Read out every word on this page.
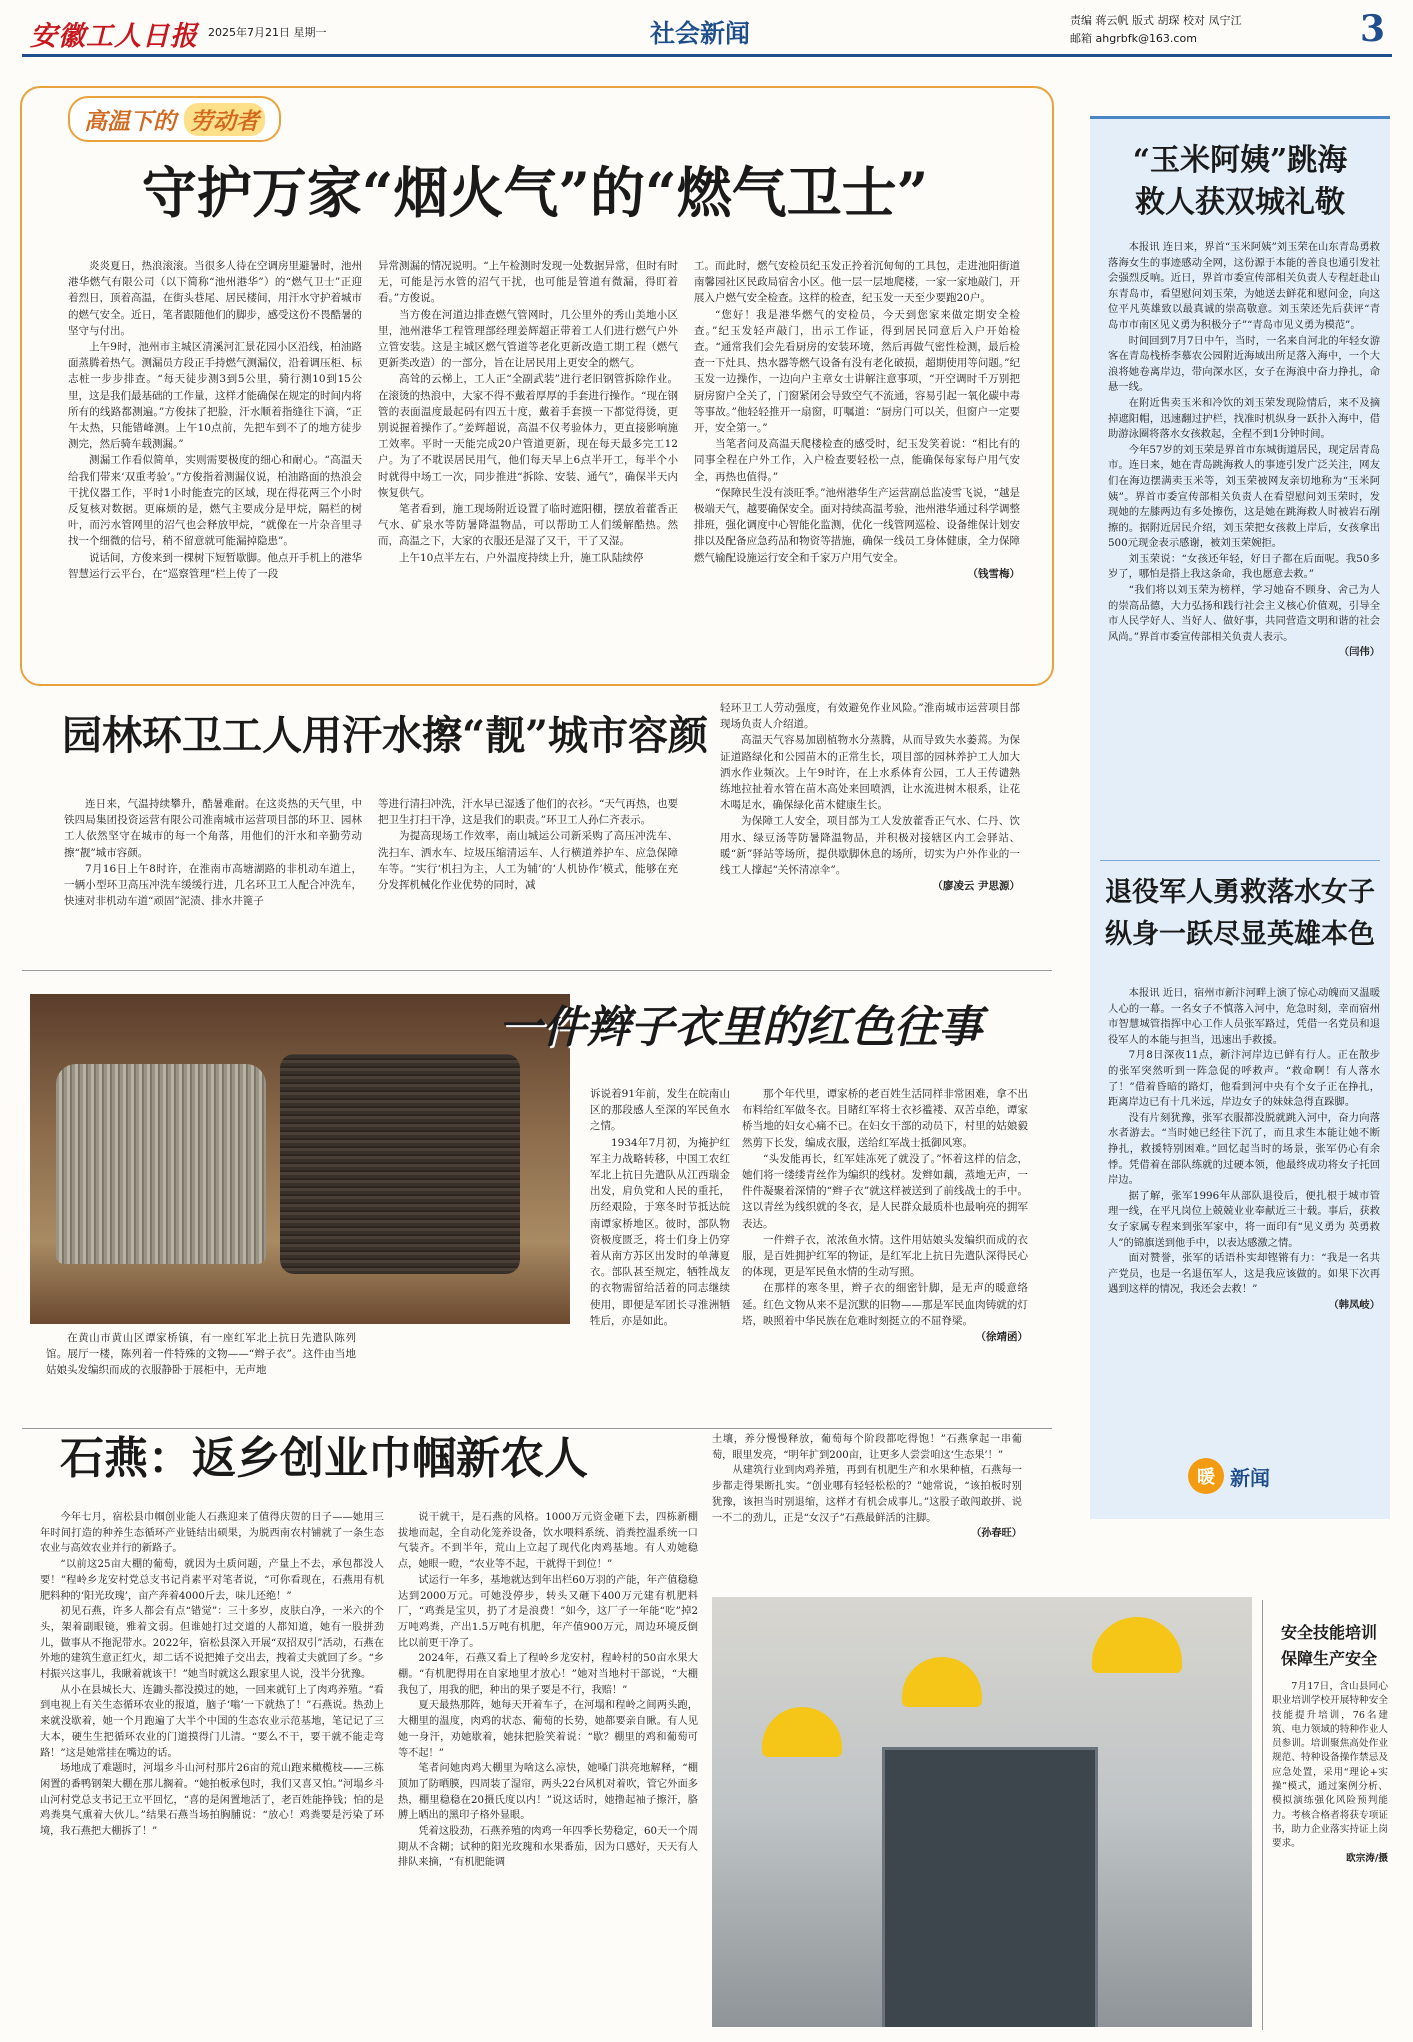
安徽工人日报 2025年7月21日 星期一	社会新闻	责编 蒋云帆 版式 胡琛 校对 凤宁江
邮箱 ahgrbfk@163.com	3
高温下的 劳动者
守护万家“烟火气”的“燃气卫士”

炎炎夏日，热浪滚滚。当很多人待在空调房里避暑时，池州港华燃气有限公司（以下简称“池州港华”）的“燃气卫士”正迎着烈日，顶着高温，在街头巷尾、居民楼间，用汗水守护着城市的燃气安全。近日，笔者跟随他们的脚步，感受这份不畏酷暑的坚守与付出。

上午9时，池州市主城区清溪河汇景花园小区沿线，柏油路面蒸腾着热气。测漏员方段正手持燃气测漏仪，沿着调压柜、标志桩一步步排查。“每天徒步测3到5公里，骑行测10到15公里，这是我们最基础的工作量，这样才能确保在规定的时间内将所有的线路都测遍。”方俊抹了把脸，汗水顺着指缝往下滴，“正午太热，只能错峰测。上午10点前，先把车到不了的地方徒步测完，然后骑车载测漏。”

测漏工作看似简单，实则需要极度的细心和耐心。“高温天给我们带来‘双重考验’。”方俊指着测漏仪说，柏油路面的热浪会干扰仪器工作，平时1小时能查完的区域，现在得花两三个小时反复核对数据。更麻烦的是，燃气主要成分是甲烷，隔栏的树叶，而污水管网里的沼气也会释放甲烷，“就像在一片杂音里寻找一个细微的信号，稍不留意就可能漏掉隐患”。

说话间，方俊来到一棵树下短暂歇脚。他点开手机上的港华智慧运行云平台，在“巡察管理”栏上传了一段

异常测漏的情况说明。“上午检测时发现一处数据异常，但时有时无，可能是污水管的沼气干扰，也可能是管道有微漏，得盯着看。”方俊说。

当方俊在河道边排查燃气管网时，几公里外的秀山美地小区里，池州港华工程管理部经理姜辉超正带着工人们进行燃气户外立管安装。这是主城区燃气管道等老化更新改造工期工程（燃气更新类改造）的一部分，旨在让居民用上更安全的燃气。

高耸的云梯上，工人正“全副武装”进行老旧钢管拆除作业。在滚烫的热浪中，大家不得不戴着厚厚的手套进行操作。“现在钢管的表面温度最起码有四五十度，戴着手套摸一下都觉得烫，更别说握着操作了。”姜辉超说，高温不仅考验体力，更直接影响施工效率。平时一天能完成20户管道更新，现在每天最多完工12户。为了不耽误居民用气，他们每天早上6点半开工，每半个小时就得中场工一次，同步推进“拆除、安装、通气”，确保半天内恢复供气。

笔者看到，施工现场附近设置了临时遮阳棚，摆放着藿香正气水、矿泉水等防暑降温物品，可以帮助工人们缓解酷热。然而，高温之下，大家的衣服还是湿了又干，干了又湿。

上午10点半左右，户外温度持续上升，施工队陆续停

工。而此时，燃气安检员纪玉发正拎着沉甸甸的工具包，走进池阳街道南馨园社区民政局宿舍小区。他一层一层地爬楼，一家一家地敲门，开展入户燃气安全检查。这样的检查，纪玉发一天至少要跑20户。

“您好！我是港华燃气的安检员，今天到您家来做定期安全检查。”纪玉发轻声敲门，出示工作证，得到居民同意后入户开始检查。“通常我们会先看厨房的安装环境，然后再做气密性检测，最后检查一下灶具、热水器等燃气设备有没有老化破损，超期使用等问题。”纪玉发一边操作，一边向户主章女士讲解注意事项，“开空调时千万别把厨房窗户全关了，门窗紧闭会导致空气不流通，容易引起一氧化碳中毒等事故。”他轻轻推开一扇窗，叮嘱道：“厨房门可以关，但窗户一定要开，安全第一。”

当笔者问及高温天爬楼检查的感受时，纪玉发笑着说：“相比有的同事全程在户外工作，入户检查要轻松一点，能确保每家每户用气安全，再热也值得。”

“保障民生没有淡旺季。”池州港华生产运营副总监凌雪飞说，“越是极端天气，越要确保安全。面对持续高温考验，池州港华通过科学调整排班，强化调度中心智能化监测，优化一线管网巡检、设备维保计划安排以及配备应急药品和物资等措施，确保一线员工身体健康，全力保障燃气输配设施运行安全和千家万户用气安全。

（钱雪梅）
园林环卫工人用汗水擦“靓”城市容颜

连日来，气温持续攀升，酷暑难耐。在这炎热的天气里，中铁四局集团投资运营有限公司淮南城市运营项目部的环卫、园林工人依然坚守在城市的每一个角落，用他们的汗水和辛勤劳动擦“靓”城市容颜。

7月16日上午8时许，在淮南市高塘湖路的非机动车道上，一辆小型环卫高压冲洗车缓缓行进，几名环卫工人配合冲洗车，快速对非机动车道“顽固”泥渍、排水井篦子

等进行清扫冲洗，汗水早已湿透了他们的衣衫。“天气再热，也要把卫生打扫干净，这是我们的职责。”环卫工人孙仁齐表示。

为提高现场工作效率，南山城运公司新采购了高压冲洗车、洗扫车、洒水车、垃圾压缩清运车、人行横道养护车、应急保障车等。“实行‘机扫为主，人工为辅’的‘人机协作’模式，能够在充分发挥机械化作业优势的同时，减

轻环卫工人劳动强度，有效避免作业风险。”淮南城市运营项目部现场负责人介绍道。

高温天气容易加剧植物水分蒸腾，从而导致失水萎蔫。为保证道路绿化和公园苗木的正常生长，项目部的园林养护工人加大洒水作业频次。上午9时许，在上水系体育公园，工人王传谴熟练地拉扯着水管在苗木高处来回喷洒，让水流进树木根系，让花木喝足水，确保绿化苗木健康生长。

为保障工人安全，项目部为工人发放藿香正气水、仁丹、饮用水、绿豆汤等防暑降温物品，并积极对接辖区内工会驿站、暖“新”驿站等场所，提供歇脚休息的场所，切实为户外作业的一线工人撑起“关怀清凉伞”。

（廖凌云 尹思源）
一件辫子衣里的红色往事
在黄山市黄山区谭家桥镇，有一座红军北上抗日先遣队陈列馆。展厅一楼，陈列着一件特殊的文物——“辫子衣”。这件由当地姑娘头发编织而成的衣服静卧于展柜中，无声地

诉说着91年前，发生在皖南山区的那段感人至深的军民鱼水之情。

1934年7月初，为掩护红军主力战略转移，中国工农红军北上抗日先遣队从江西瑞金出发，肩负党和人民的重托，历经艰险，于寒冬时节抵达皖南谭家桥地区。彼时，部队物资极度匮乏，将士们身上仍穿着从南方苏区出发时的单薄夏衣。部队甚至规定，牺牲战友的衣物需留给活着的同志继续使用，即便是军团长寻淮洲牺牲后，亦是如此。

那个年代里，谭家桥的老百姓生活同样非常困难，拿不出布料给红军做冬衣。目睹红军将士衣衫褴褛、双苦卓绝，谭家桥当地的妇女心痛不已。在妇女干部的动员下，村里的姑娘毅然剪下长发，编成衣服，送给红军战士抵御风寒。

“头发能再长，红军娃冻死了就没了。”怀着这样的信念，她们将一缕缕青丝作为编织的线材。发辫如藕，蒸地无声，一件件凝聚着深情的“辫子衣”就这样被送到了前线战士的手中。这以青丝为线织就的冬衣，是人民群众最质朴也最响亮的拥军表达。

一件辫子衣，浓浓鱼水情。这件用姑娘头发编织而成的衣服，是百姓拥护红军的物证，是红军北上抗日先遣队深得民心的体现，更是军民鱼水情的生动写照。

在那样的寒冬里，辫子衣的细密针脚，是无声的暖意络延。红色文物从来不是沉默的旧物——那是军民血肉铸就的灯塔，映照着中华民族在危难时刻挺立的不屈脊梁。

（徐靖函）
石燕：返乡创业巾帼新农人

今年七月，宿松县巾帼创业能人石燕迎来了值得庆贺的日子——她用三年时间打造的种养生态循环产业链结出硕果，为脱西南农村铺就了一条生态农业与高效农业并行的新路子。

“以前这25亩大棚的葡萄，就因为土质问题，产量上不去，承包都没人要！”程岭乡龙安村党总支书记肖素平对笔者说，“可你看现在，石燕用有机肥料种的‘阳光玫瑰’，亩产奔着4000斤去，味儿还绝！”

初见石燕，许多人都会有点“错觉”：三十多岁，皮肤白净，一米六的个头，架着副眼镜，雅着文弱。但谁她打过交道的人都知道，她有一股拼劲儿，做事从不拖泥带水。2022年，宿松县深入开展“双招双引”活动，石燕在外地的建筑生意正红火，却二话不说把摊子交出去，拽着丈夫就回了乡。“乡村振兴这事儿，我瞅着就该干！”她当时就这么跟家里人说，没半分犹豫。

从小在县城长大、连鋤头都没摸过的她，一回来就钉上了肉鸡养殖。“看到电视上有关生态循环农业的报道，脑子‘嗡’一下就热了！”石燕说。热劲上来就没歇着，她一个月跑遍了大半个中国的生态农业示范基地，笔记记了三大本，硬生生把循环农业的门道摸得门儿清。“要么不干，要干就不能走弯路！”这是她常挂在嘴边的话。

场地成了难题时，河塌乡斗山河村那片26亩的荒山跑来橄榄枝——三栋闲置的番鸭钢架大棚在那儿搁着。“她拍板承包时，我们又喜又怕。”河塌乡斗山河村党总支书记王立平回忆，“喜的是闲置地活了，老百姓能挣钱；怕的是鸡粪臭气熏着大伙儿。”结果石燕当场拍胸脯说：“放心！鸡粪要是污染了环境，我石燕把大棚拆了！”

说干就干，是石燕的风格。1000万元资金砸下去，四栋新棚拔地而起，全自动化笼养设备，饮水喂料系统、消粪控温系统一口气装齐。不到半年，荒山上立起了现代化肉鸡基地。有人劝她稳点，她眼一瞪，“农业等不起，干就得干到位！”

试运行一年多，基地就达到年出栏60万羽的产能，年产值稳稳达到2000万元。可她没停步，转头又砸下400万元建有机肥料厂，“鸡粪是宝贝，扔了才是浪费！”如今，这厂子一年能“吃”掉2万吨鸡粪，产出1.5万吨有机肥，年产值900万元，周边环境反倒比以前更干净了。

2024年，石燕又看上了程岭乡龙安村，程岭村的50亩水果大棚。“有机肥得用在自家地里才放心！”她对当地村干部说，“大棚我包了，用我的肥，种出的果子要是不行，我赔！”

夏天最热那阵，她每天开着车子，在河塌和程岭之间两头跑，大棚里的温度，肉鸡的状态、葡萄的长势，她都要亲自瞅。有人见她一身汗，劝她歇着，她抹把脸笑着说：“歇？棚里的鸡和葡萄可等不起！”

笔者问她肉鸡大棚里为啥这么凉快，她嗓门洪亮地解释，“棚顶加了防晒膜，四周装了湿帘，两头22台风机对着吹，管它外面多热，棚里稳稳在20摄氏度以内！”说这话时，她撸起袖子擦汗，胳膊上晒出的黑印子格外显眼。

凭着这股劲，石燕养殖的肉鸡一年四季长势稳定，60天一个周期从不含糊；试种的阳光玫瑰和水果番茄，因为口感好，天天有人排队来摘，“有机肥能调

土壤，养分慢慢释放，葡萄每个阶段都吃得饱！”石燕拿起一串葡萄，眼里发亮，“明年扩到200亩，让更多人尝尝咱这‘生态果’！”

从建筑行业到肉鸡养殖，再到有机肥生产和水果种植，石燕每一步都走得果断扎实。“创业哪有轻轻松松的？”她常说，“该拍板时别犹豫，该担当时别退缩，这样才有机会成事儿。”这股子敢闯敢拼、说一不二的劲儿，正是“女汉子”石燕最鲜活的注脚。

（孙春旺）
“玉米阿姨”跳海
救人获双城礼敬

本报讯 连日来，界首“玉米阿姨”刘玉荣在山东青岛勇救落海女生的事迹感动全网，这份源于本能的善良也通引发社会强烈反响。近日，界首市委宣传部相关负责人专程赶赴山东青岛市，看望慰问刘玉荣，为她送去鲜花和慰问金，向这位平凡英雄致以最真诚的崇高敬意。刘玉荣还先后获评“青岛市市南区见义勇为积极分子”“青岛市见义勇为模范”。

时间回到7月7日中午，当时，一名来自河北的年轻女游客在青岛栈桥李慕农公园附近海域出所足落入海中，一个大浪将她卷离岸边，带向深水区，女子在海浪中奋力挣扎，命悬一线。

在附近售卖玉米和冷饮的刘玉荣发现险情后，来不及摘掉遮阳帽，迅速翻过护栏，找准时机纵身一跃扑入海中，借助游泳圈将落水女孩救起，全程不到1分钟时间。

今年57岁的刘玉荣是界首市东城街道居民，现定居青岛市。连日来，她在青岛跳海救人的事迹引发广泛关注，网友们在海边摆满卖玉米等，刘玉荣被网友亲切地称为“玉米阿姨”。界首市委宣传部相关负责人在看望慰问刘玉荣时，发现她的左膝两边有多处擦伤，这是她在跳海救人时被岩石剐擦的。据附近居民介绍，刘玉荣把女孩救上岸后，女孩拿出500元现金表示感谢，被刘玉荣婉拒。

刘玉荣说：“女孩还年轻，好日子都在后面呢。我50多岁了，哪怕是搭上我这条命，我也愿意去救。”

“我们将以刘玉荣为榜样，学习她奋不顾身、舍己为人的崇高品德，大力弘扬和践行社会主义核心价值观，引导全市人民学好人、当好人、做好事，共同营造文明和谐的社会风尚。”界首市委宣传部相关负责人表示。

（闫伟）
退役军人勇救落水女子
纵身一跃尽显英雄本色

本报讯 近日，宿州市新汴河畔上演了惊心动魄而又温暖人心的一幕。一名女子不慎落入河中，危急时刻，幸而宿州市智慧城管指挥中心工作人员张军路过，凭借一名党员和退役军人的本能与担当，迅速出手救援。

7月8日深夜11点，新汴河岸边已鲜有行人。正在散步的张军突然听到一阵急促的呼救声。“救命啊！有人落水了！”借着昏暗的路灯，他看到河中央有个女子正在挣扎，距离岸边已有十几米远，岸边女子的妹妹急得直跺脚。

没有片刻犹豫，张军衣服都没脱就跳入河中，奋力向落水者游去。“当时她已经往下沉了，而且求生本能让她不断挣扎，救援特别困难。”回忆起当时的场景，张军仍心有余悸。凭借着在部队练就的过硬本领，他最终成功将女子托回岸边。

据了解，张军1996年从部队退役后，便扎根于城市管理一线，在平凡岗位上兢兢业业奉献近三十载。事后，获救女子家属专程来到张军家中，将一面印有“见义勇为 英勇救人”的锦旗送到他手中，以表达感激之情。

面对赞誉，张军的话语朴实却铿锵有力：“我是一名共产党员，也是一名退伍军人，这是我应该做的。如果下次再遇到这样的情况，我还会去救！”

（韩凤岐）
暖 新闻
安全技能培训
保障生产安全

7月17日，含山县同心职业培训学校开展特种安全技能提升培训，76名建筑、电力领域的特种作业人员参训。培训聚焦高处作业规范、特种设备操作禁忌及应急处置，采用“理论+实操”模式，通过案例分析、模拟演练强化风险预判能力。考核合格者将获专项证书，助力企业落实持证上岗要求。

欧宗涛/摄
